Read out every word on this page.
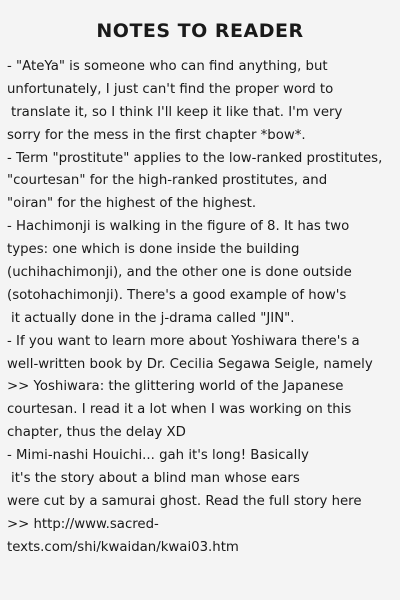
NOTES TO READER
- "AteYa" is someone who can find anything, but
unfortunately, I just can't find the proper word to
translate it, so I think I'll keep it like that. I'm very
sorry for the mess in the first chapter *bow*.
- Term "prostitute" applies to the low-ranked prostitutes,
"courtesan" for the high-ranked prostitutes, and
"oiran" for the highest of the highest.
- Hachimonji is walking in the figure of 8. It has two
types: one which is done inside the building
(uchihachimonji), and the other one is done outside
(sotohachimonji). There's a good example of how's
it actually done in the j-drama called "JIN".
- If you want to learn more about Yoshiwara there's a
well-written book by Dr. Cecilia Segawa Seigle, namely
>> Yoshiwara: the glittering world of the Japanese
courtesan. I read it a lot when I was working on this
chapter, thus the delay XD
- Mimi-nashi Houichi... gah it's long! Basically
it's the story about a blind man whose ears
were cut by a samurai ghost. Read the full story here
>> http://www.sacred-
texts.com/shi/kwaidan/kwai03.htm
